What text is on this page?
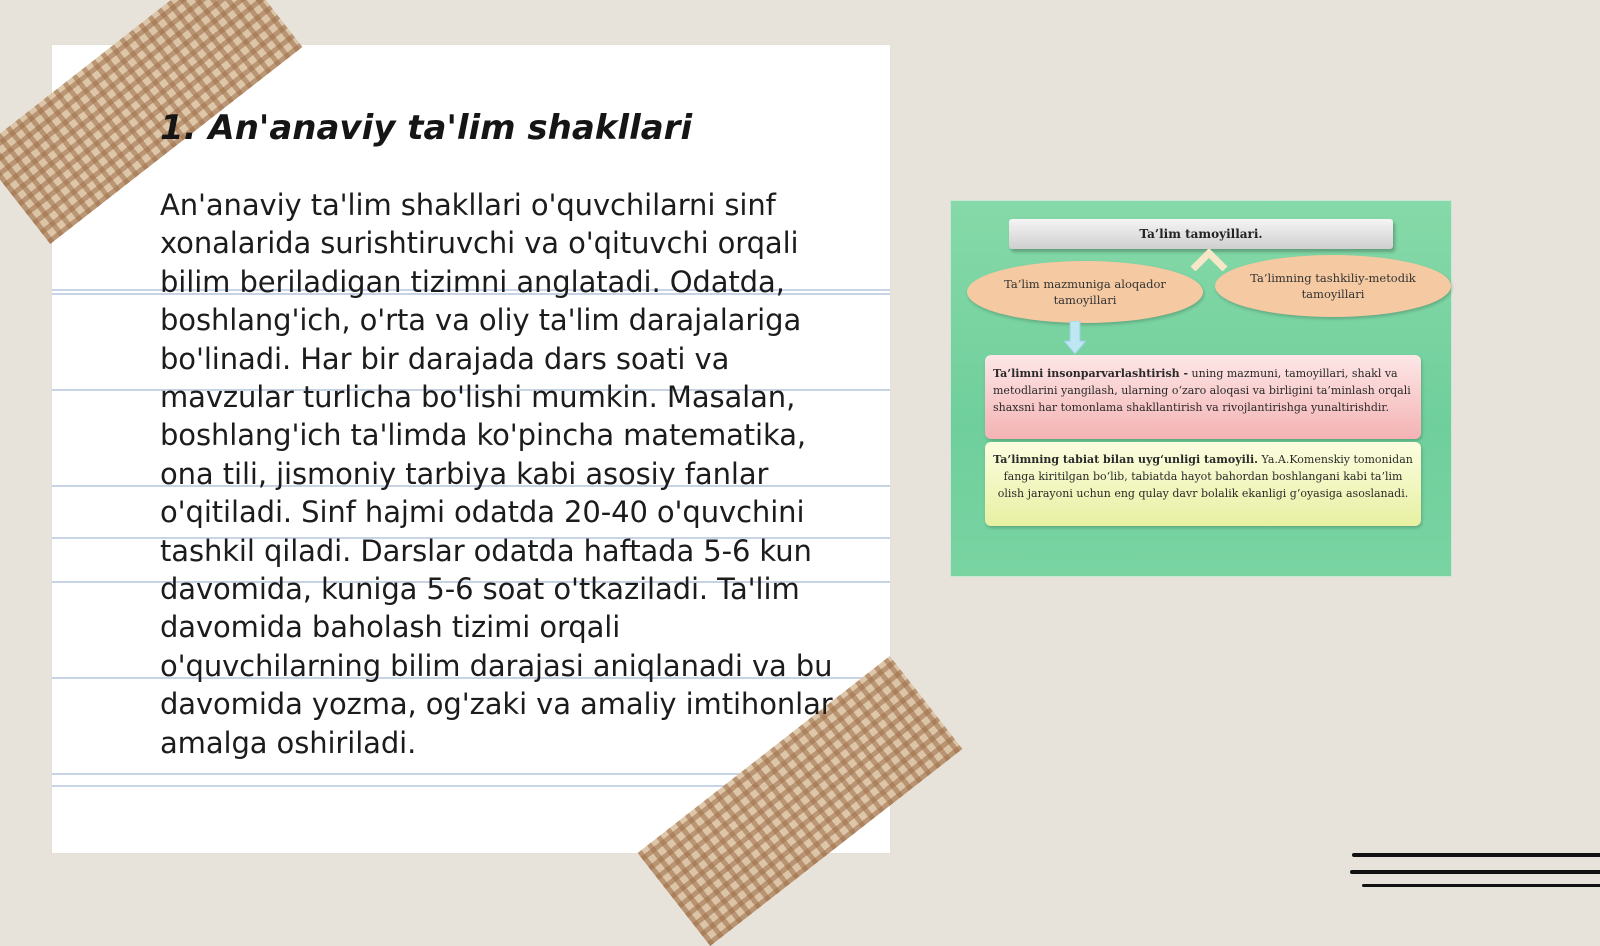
1. An'anaviy ta'lim shakllari

An'anaviy ta'lim shakllari o'quvchilarni sinf xonalarida surishtiruvchi va o'qituvchi orqali bilim beriladigan tizimni anglatadi. Odatda, boshlang'ich, o'rta va oliy ta'lim darajalariga bo'linadi. Har bir darajada dars soati va mavzular turlicha bo'lishi mumkin. Masalan, boshlang'ich ta'limda ko'pincha matematika, ona tili, jismoniy tarbiya kabi asosiy fanlar o'qitiladi. Sinf hajmi odatda 20-40 o'quvchini tashkil qiladi. Darslar odatda haftada 5-6 kun davomida, kuniga 5-6 soat o'tkaziladi. Ta'lim davomida baholash tizimi orqali o'quvchilarning bilim darajasi aniqlanadi va bu davomida yozma, og'zaki va amaliy imtihonlar amalga oshiriladi.

Ta’lim tamoyillari.
Ta’lim mazmuniga aloqador tamoyillari
Ta’limning tashkiliy-metodik tamoyillari
Ta’limni insonparvarlashtirish - uning mazmuni, tamoyillari, shakl va metodlarini yangilash, ularning o‘zaro aloqasi va birligini ta’minlash orqali shaxsni har tomonlama shakllantirish va rivojlantirishga yunaltirishdir.
Ta’limning tabiat bilan uyg‘unligi tamoyili. Ya.A.Komenskiy tomonidan fanga kiritilgan bo‘lib, tabiatda hayot bahordan boshlangani kabi ta’lim olish jarayoni uchun eng qulay davr bolalik ekanligi g‘oyasiga asoslanadi.
